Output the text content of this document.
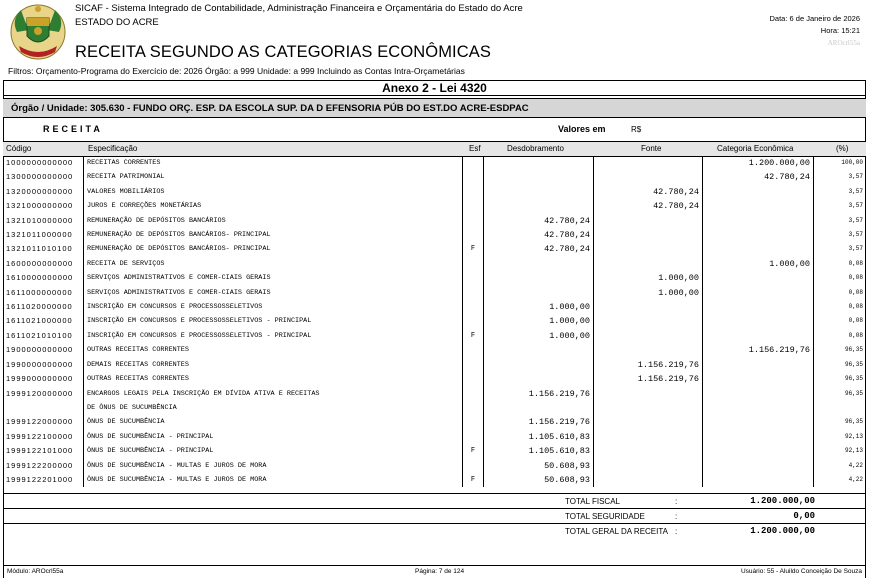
SICAF - Sistema Integrado de Contabilidade, Administração Financeira e Orçamentária do Estado do Acre
ESTADO DO ACRE
RECEITA SEGUNDO AS CATEGORIAS ECONÔMICAS
Data: 6 de Janeiro de 2026
Hora: 15:21
AROcrl55a
Filtros: Orçamento-Programa do Exercício de: 2026 Órgão: a 999 Unidade: a 999 Incluindo as Contas Intra-Orçametárias
Anexo 2 - Lei 4320
Órgão / Unidade: 305.630 - FUNDO ORÇ. ESP. DA ESCOLA SUP. DA D EFENSORIA PÚB DO EST.DO ACRE-ESDPAC
RECEITA	Valores em	R$
Código	Especificação	Esf	Desdobramento	Fonte	Categoria Econômica	(%)
1000000000000	RECEITAS CORRENTES				1.200.000,00	100,00
1300000000000	RECEITA PATRIMONIAL				42.780,24	3,57
1320000000000	VALORES MOBILIÁRIOS			42.780,24		3,57
1321000000000	JUROS E CORREÇÕES MONETÁRIAS			42.780,24		3,57
1321010000000	REMUNERAÇÃO DE DEPÓSITOS BANCÁRIOS		42.780,24			3,57
1321011000000	REMUNERAÇÃO DE DEPÓSITOS BANCÁRIOS- PRINCIPAL		42.780,24			3,57
1321011010100	REMUNERAÇÃO DE DEPÓSITOS BANCÁRIOS- PRINCIPAL	F	42.780,24			3,57
1600000000000	RECEITA DE SERVIÇOS				1.000,00	0,08
1610000000000	SERVIÇOS ADMINISTRATIVOS E COMER-CIAIS GERAIS			1.000,00		0,08
1611000000000	SERVIÇOS ADMINISTRATIVOS E COMER-CIAIS GERAIS			1.000,00		0,08
1611020000000	INSCRIÇÃO EM CONCURSOS E PROCESSOSSELETIVOS		1.000,00			0,08
1611021000000	INSCRIÇÃO EM CONCURSOS E PROCESSOSSELETIVOS - PRINCIPAL		1.000,00			0,08
1611021010100	INSCRIÇÃO EM CONCURSOS E PROCESSOSSELETIVOS - PRINCIPAL	F	1.000,00			0,08
1900000000000	OUTRAS RECEITAS CORRENTES				1.156.219,76	96,35
1990000000000	DEMAIS RECEITAS CORRENTES			1.156.219,76		96,35
1999000000000	OUTRAS RECEITAS CORRENTES			1.156.219,76		96,35
1999120000000	ENCARGOS LEGAIS PELA INSCRIÇÃO EM DÍVIDA ATIVA E RECEITAS		1.156.219,76			96,35
	DE ÔNUS DE SUCUMBÊNCIA					
1999122000000	ÔNUS DE SUCUMBÊNCIA		1.156.219,76			96,35
1999122100000	ÔNUS DE SUCUMBÊNCIA - PRINCIPAL		1.105.610,83			92,13
1999122101000	ÔNUS DE SUCUMBÊNCIA - PRINCIPAL	F	1.105.610,83			92,13
1999122200000	ÔNUS DE SUCUMBÊNCIA - MULTAS E JUROS DE MORA		50.608,93			4,22
1999122201000	ÔNUS DE SUCUMBÊNCIA - MULTAS E JUROS DE MORA	F	50.608,93			4,22
TOTAL FISCAL	:	1.200.000,00
TOTAL SEGURIDADE	:	0,00
TOTAL GERAL DA RECEITA :	1.200.000,00
Módulo: AROcrl55a	Página: 7 de 124	Usuário: 55 - Aluildo Conceição De Souza
